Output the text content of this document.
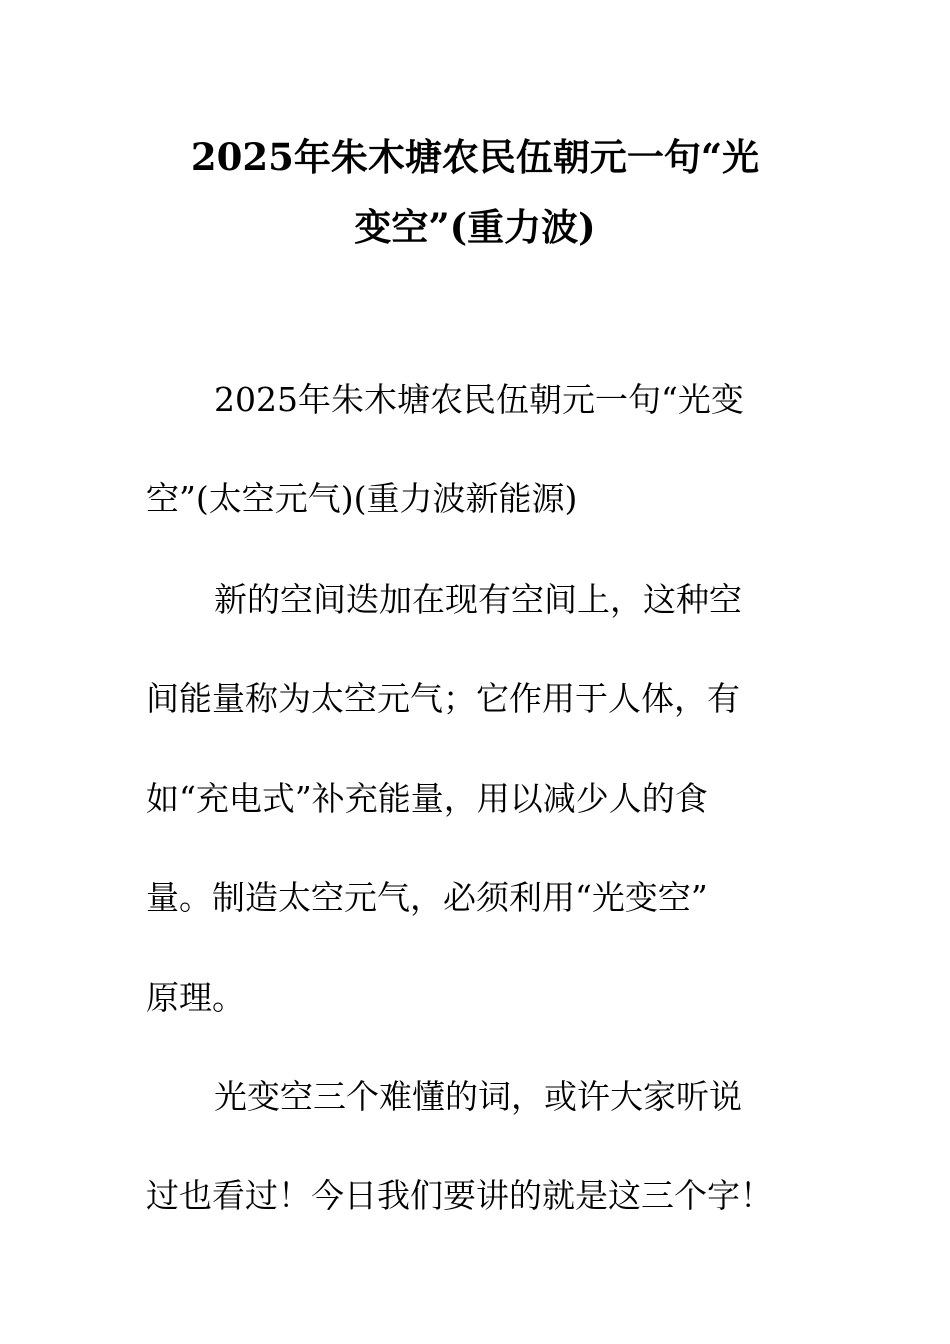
2025年朱木塘农民伍朝元一句“光
变空”(重力波)
2025年朱木塘农民伍朝元一句“光变
空”(太空元气)(重力波新能源)
新的空间迭加在现有空间上，这种空
间能量称为太空元气；它作用于人体，有
如“充电式”补充能量，用以减少人的食
量。制造太空元气，必须利用“光变空”
原理。
光变空三个难懂的词，或许大家听说
过也看过！今日我们要讲的就是这三个字！
